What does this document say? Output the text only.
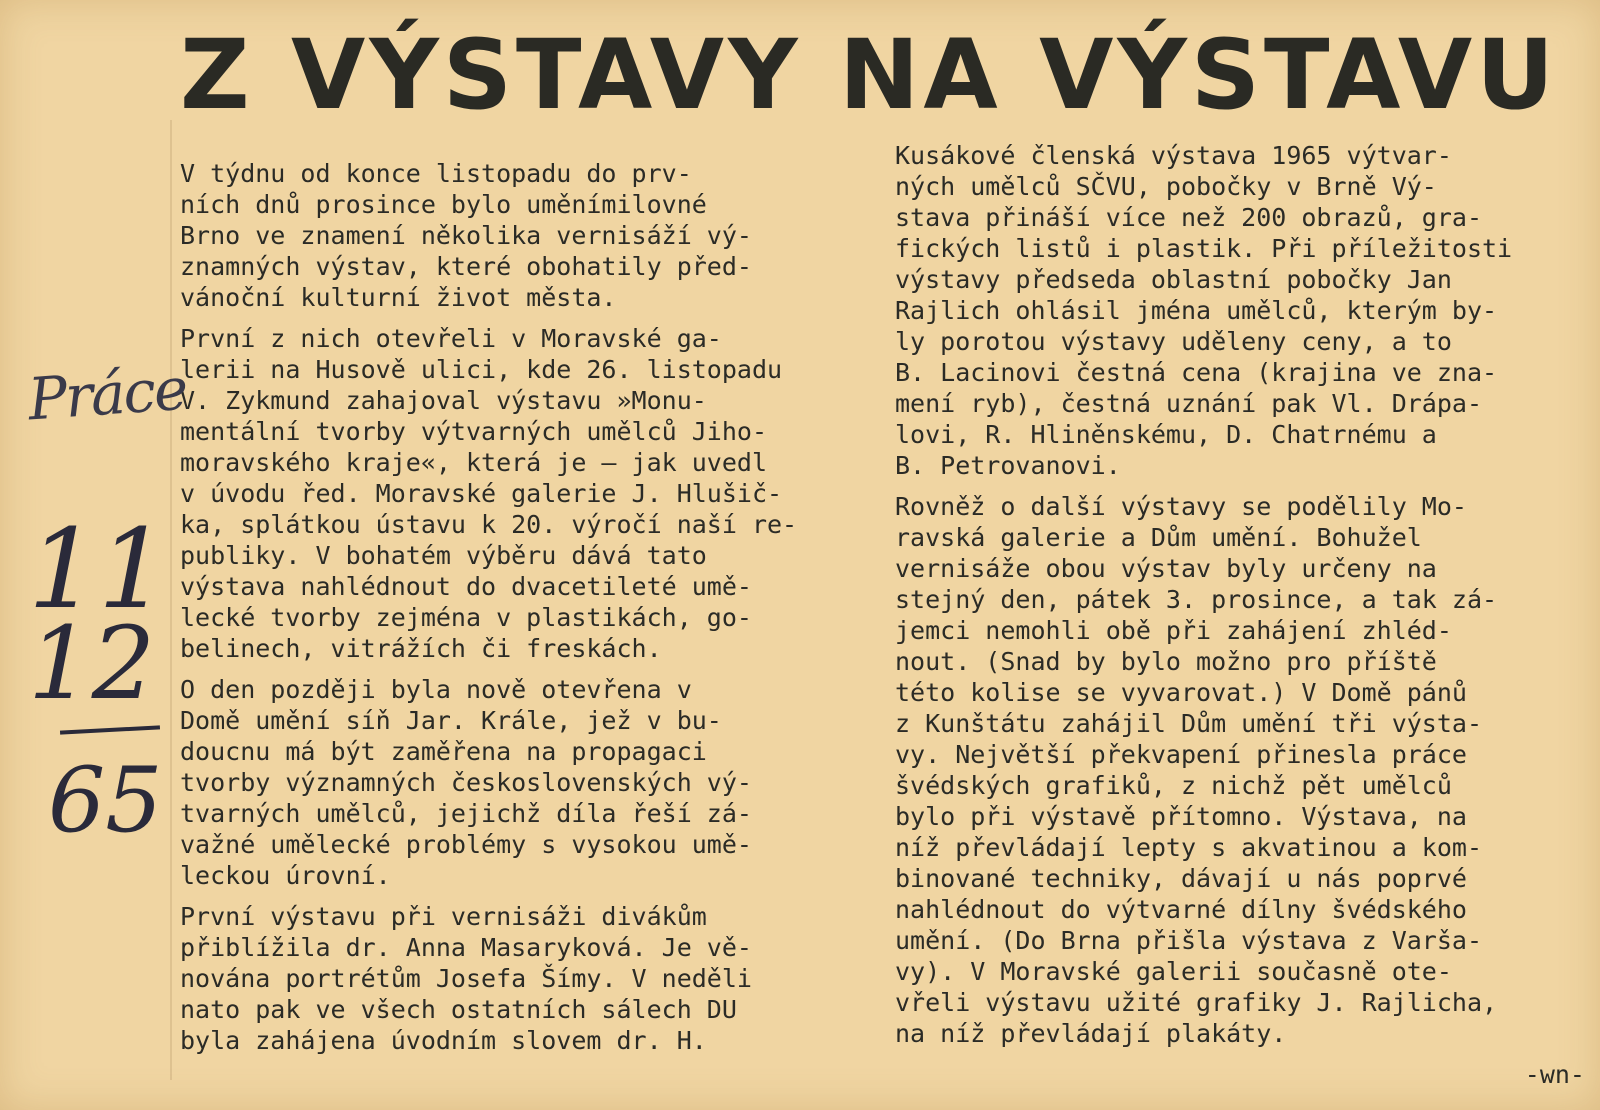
Z VÝSTAVY NA VÝSTAVU

V týdnu od konce listopadu do prv-
ních dnů prosince bylo uměnímilovné
Brno ve znamení několika vernisáží vý-
znamných výstav, které obohatily před-
vánoční kulturní život města.

První z nich otevřeli v Moravské ga-
lerii na Husově ulici, kde 26. listopadu
V. Zykmund zahajoval výstavu »Monu-
mentální tvorby výtvarných umělců Jiho-
moravského kraje«, která je — jak uvedl
v úvodu řed. Moravské galerie J. Hlušič-
ka, splátkou ústavu k 20. výročí naší re-
publiky. V bohatém výběru dává tato
výstava nahlédnout do dvacetileté umě-
lecké tvorby zejména v plastikách, go-
belinech, vitrážích či freskách.

O den později byla nově otevřena v
Domě umění síň Jar. Krále, jež v bu-
doucnu má být zaměřena na propagaci
tvorby významných československých vý-
tvarných umělců, jejichž díla řeší zá-
važné umělecké problémy s vysokou umě-
leckou úrovní.

První výstavu při vernisáži divákům
přiblížila dr. Anna Masaryková. Je vě-
nována portrétům Josefa Šímy. V neděli
nato pak ve všech ostatních sálech DU
byla zahájena úvodním slovem dr. H.

Kusákové členská výstava 1965 výtvar-
ných umělců SČVU, pobočky v Brně Vý-
stava přináší více než 200 obrazů, gra-
fických listů i plastik. Při příležitosti
výstavy předseda oblastní pobočky Jan
Rajlich ohlásil jména umělců, kterým by-
ly porotou výstavy uděleny ceny, a to
B. Lacinovi čestná cena (krajina ve zna-
mení ryb), čestná uznání pak Vl. Drápa-
lovi, R. Hliněnskému, D. Chatrnému a
B. Petrovanovi.

Rovněž o další výstavy se podělily Mo-
ravská galerie a Dům umění. Bohužel
vernisáže obou výstav byly určeny na
stejný den, pátek 3. prosince, a tak zá-
jemci nemohli obě při zahájení zhléd-
nout. (Snad by bylo možno pro příště
této kolise se vyvarovat.) V Domě pánů
z Kunštátu zahájil Dům umění tři výsta-
vy. Největší překvapení přinesla práce
švédských grafiků, z nichž pět umělců
bylo při výstavě přítomno. Výstava, na
níž převládají lepty s akvatinou a kom-
binované techniky, dávají u nás poprvé
nahlédnout do výtvarné dílny švédského
umění. (Do Brna přišla výstava z Varša-
vy). V Moravské galerii současně ote-
vřeli výstavu užité grafiky J. Rajlicha,
na níž převládají plakáty.

-wn-
Práce
11
12
65
